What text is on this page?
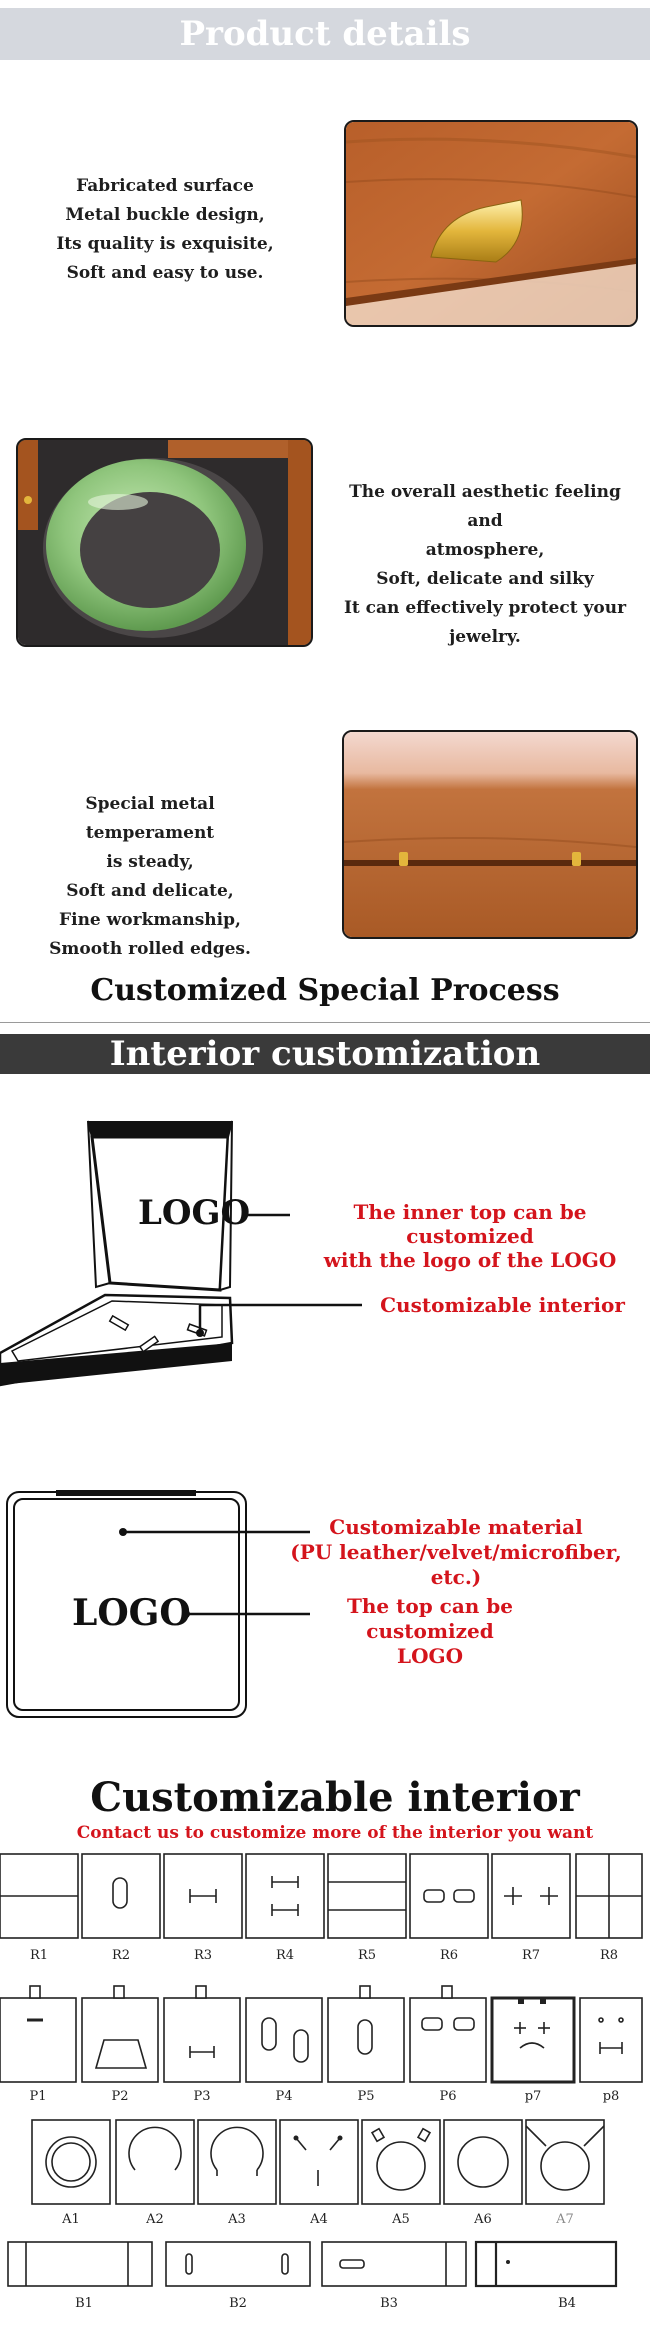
Product details
Fabricated surface
Metal buckle design,
Its quality is exquisite,
Soft and easy to use.
The overall aesthetic feeling and
atmosphere,
Soft, delicate and silky
It can effectively protect your
jewelry.
Special metal temperament
is steady,
Soft and delicate,
Fine workmanship,
Smooth rolled edges.
Customized Special Process
Interior customization
LOGO	The inner top can be customized
with the logo of the LOGO
Customizable interior
LOGO
Customizable material
(PU leather/velvet/microfiber, etc.)
The top can be
customized LOGO
Customizable interior
Contact us to customize more of the interior you want
R1	R2	R3	R4	R5	R6	R7	R8
P1	P2	P3	P4	P5	P6	p7	p8
A1	A2	A3	A4	A5	A6	A7
B1	B2	B3	B4
